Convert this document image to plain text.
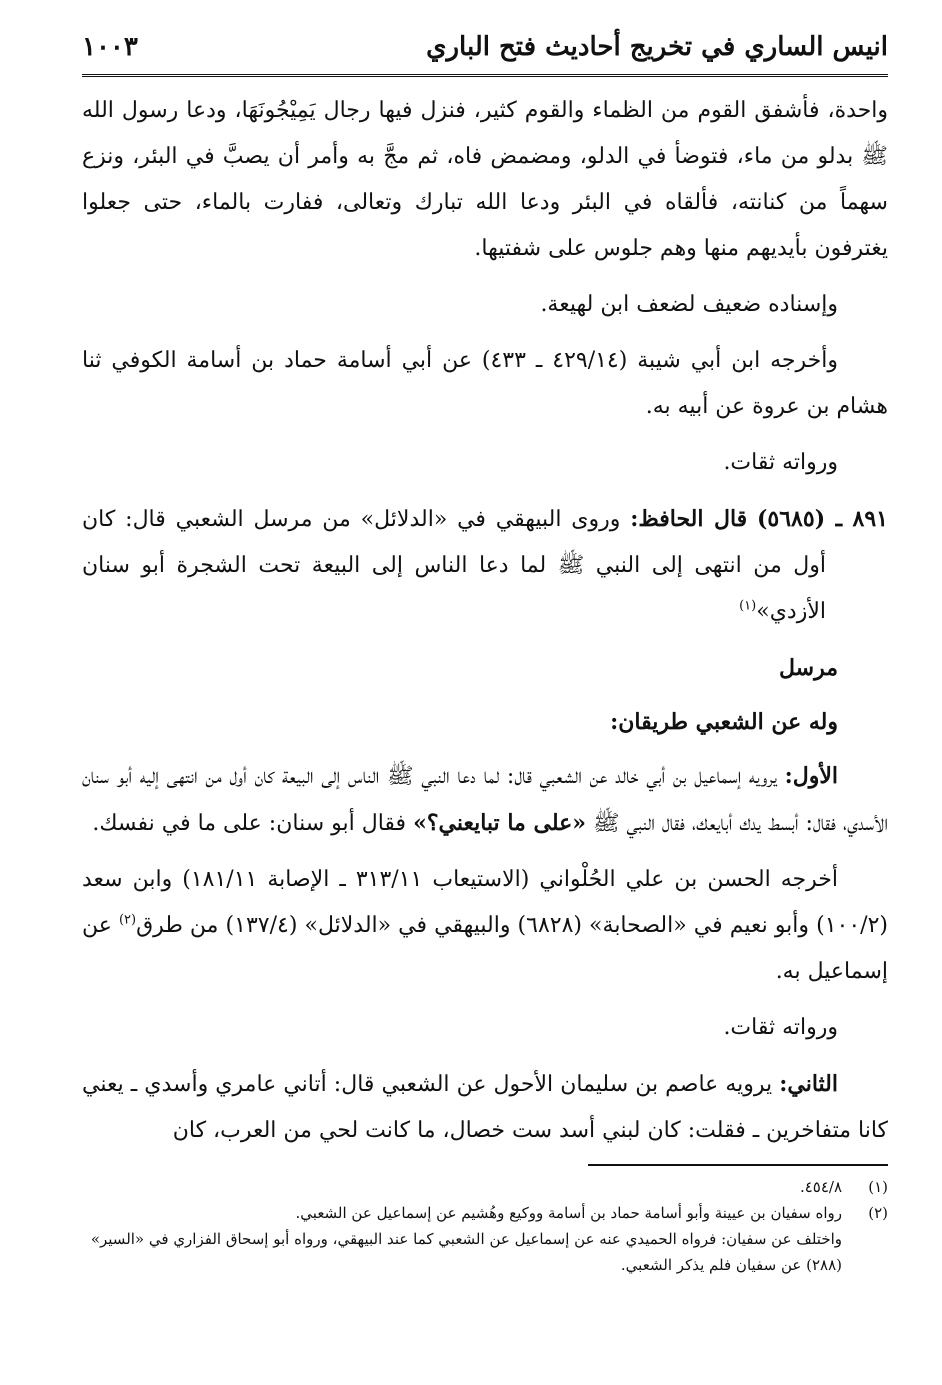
انيس الساري في تخريج أحاديث فتح الباري
١٠٠٣

واحدة، فأشفق القوم من الظماء والقوم كثير، فنزل فيها رجال يَمِيْجُونَهَا، ودعا رسول الله ﷺ بدلو من ماء، فتوضأ في الدلو، ومضمض فاه، ثم مجَّ به وأمر أن يصبَّ في البئر، ونزع سهماً من كنانته، فألقاه في البئر ودعا الله تبارك وتعالى، ففارت بالماء، حتى جعلوا يغترفون بأيديهم منها وهم جلوس على شفتيها.

وإسناده ضعيف لضعف ابن لهيعة.

وأخرجه ابن أبي شيبة (٤٢٩/١٤ ـ ٤٣٣) عن أبي أسامة حماد بن أسامة الكوفي ثنا هشام بن عروة عن أبيه به.

ورواته ثقات.

٨٩١ ـ (٥٦٨٥) قال الحافظ: وروى البيهقي في «الدلائل» من مرسل الشعبي قال: كان أول من انتهى إلى النبي ﷺ لما دعا الناس إلى البيعة تحت الشجرة أبو سنان الأزدي»$^{(١)}$

مرسل
وله عن الشعبي طريقان:

الأول: يرويه إسماعيل بن أبي خالد عن الشعبي قال: لما دعا النبي ﷺ الناس إلى البيعة كان أول من انتهى إليه أبو سنان الأسدي، فقال: أبسط يدك أبايعك، فقال النبي ﷺ «على ما تبايعني؟» فقال أبو سنان: على ما في نفسك.

أخرجه الحسن بن علي الحُلْواني (الاستيعاب ٣١٣/١١ ـ الإصابة ١٨١/١١) وابن سعد (١٠٠/٢) وأبو نعيم في «الصحابة» (٦٨٢٨) والبيهقي في «الدلائل» (١٣٧/٤) من طرق$^{(٢)}$ عن إسماعيل به.

ورواته ثقات.

الثاني: يرويه عاصم بن سليمان الأحول عن الشعبي قال: أتاني عامري وأسدي ـ يعني كانا متفاخرين ـ فقلت: كان لبني أسد ست خصال، ما كانت لحي من العرب، كان

(١)
٤٥٤/٨.
(٢)
رواه سفيان بن عيينة وأبو أسامة حماد بن أسامة ووكيع وهُشيم عن إسماعيل عن الشعبي.
واختلف عن سفيان: فرواه الحميدي عنه عن إسماعيل عن الشعبي كما عند البيهقي، ورواه أبو إسحاق الفزاري في «السير» (٢٨٨) عن سفيان فلم يذكر الشعبي.
